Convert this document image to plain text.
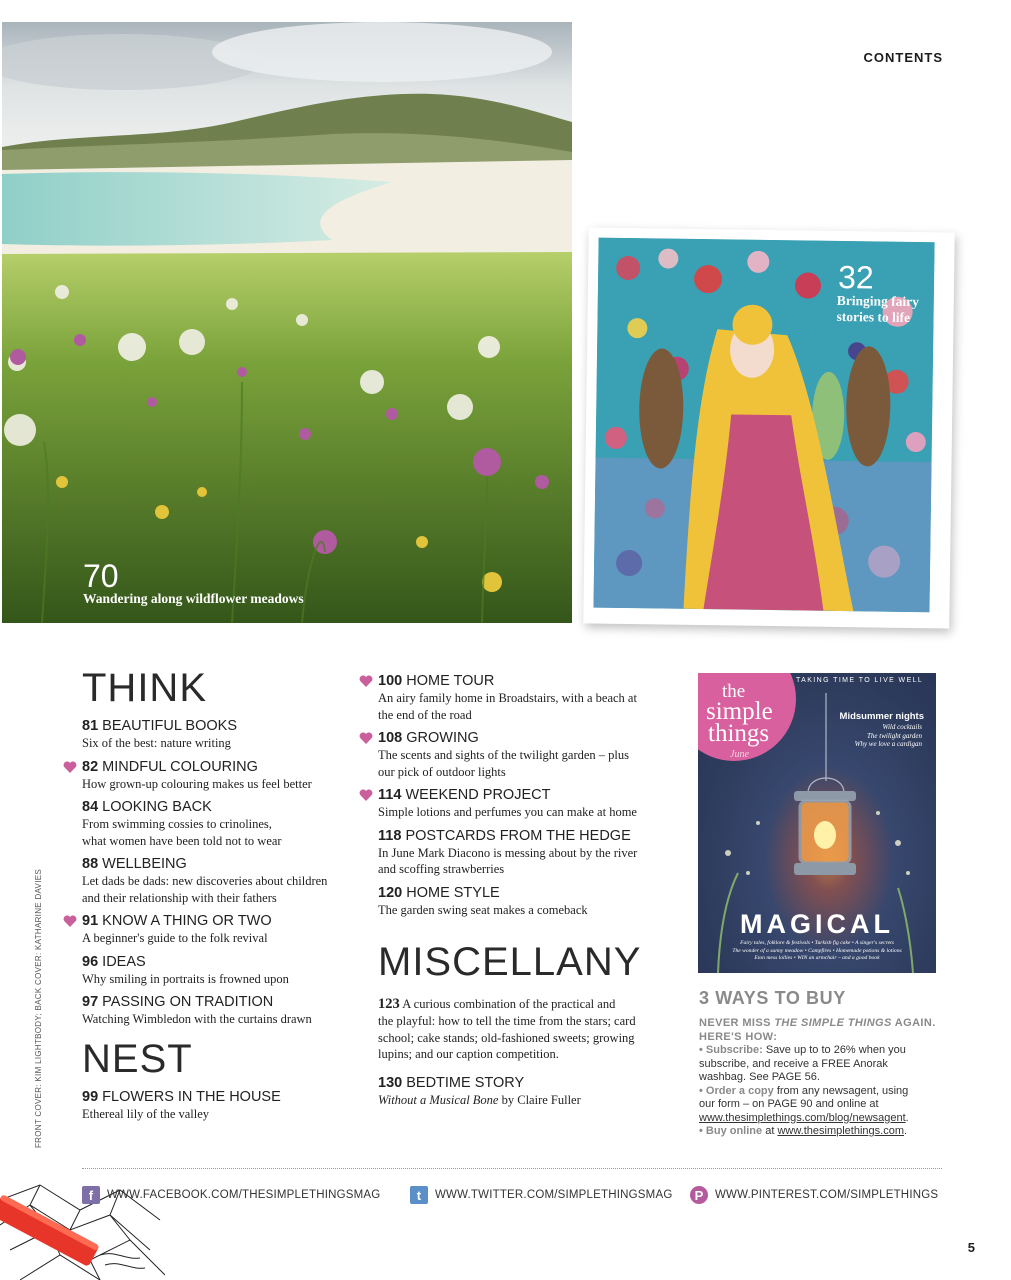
CONTENTS
70
Wandering along wildflower meadows
32
Bringing fairy
stories to life
THINK
81 BEAUTIFUL BOOKS
Six of the best: nature writing
82 MINDFUL COLOURING
How grown-up colouring makes us feel better
84 LOOKING BACK
From swimming cossies to crinolines,
what women have been told not to wear
88 WELLBEING
Let dads be dads: new discoveries about children
and their relationship with their fathers
91 KNOW A THING OR TWO
A beginner's guide to the folk revival
96 IDEAS
Why smiling in portraits is frowned upon
97 PASSING ON TRADITION
Watching Wimbledon with the curtains drawn
NEST
99 FLOWERS IN THE HOUSE
Ethereal lily of the valley
100 HOME TOUR
An airy family home in Broadstairs, with a beach at
the end of the road
108 GROWING
The scents and sights of the twilight garden – plus
our pick of outdoor lights
114 WEEKEND PROJECT
Simple lotions and perfumes you can make at home
118 POSTCARDS FROM THE HEDGE
In June Mark Diacono is messing about by the river
and scoffing strawberries
120 HOME STYLE
The garden swing seat makes a comeback
MISCELLANY
123 A curious combination of the practical and
the playful: how to tell the time from the stars; card
school; cake stands; old-fashioned sweets; growing
lupins; and our caption competition.
130 BEDTIME STORY
Without a Musical Bone by Claire Fuller
TAKING TIME TO LIVE WELL
the
simple
things
June
Midsummer nights
Wild cocktails
The twilight garden
Why we love a cardigan
MAGICAL
Fairy tales, folklore & festivals • Turkish fig cake • A singer's secrets
The wonder of a sunny meadow • Campfires • Homemade potions & lotions
Eton mess lollies • WIN an armchair – and a good book
3 WAYS TO BUY
NEVER MISS THE SIMPLE THINGS AGAIN.
HERE'S HOW:
• Subscribe: Save up to to 26% when you
subscribe, and receive a FREE Anorak
washbag. See PAGE 56.
• Order a copy from any newsagent, using
our form – on PAGE 90 and online at
www.thesimplethings.com/blog/newsagent.
• Buy online at www.thesimplethings.com.
FRONT COVER: KIM LIGHTBODY; BACK COVER: KATHARINE DAVIES
f	WWW.FACEBOOK.COM/THESIMPLETHINGSMAG	t	WWW.TWITTER.COM/SIMPLETHINGSMAG	P	WWW.PINTEREST.COM/SIMPLETHINGS
5
